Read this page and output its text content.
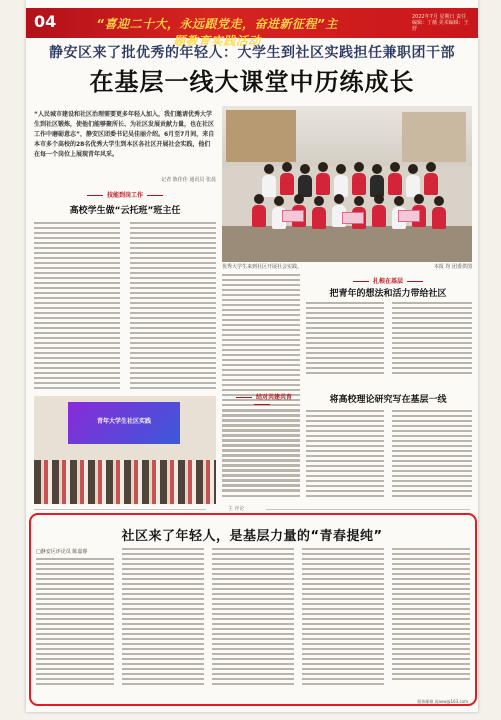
04	“喜迎二十大，永远跟党走，奋进新征程”主题教育实践活动
2022年7月 星期日 责任编辑：丁薇 美术编辑：王舒
静安区来了批优秀的年轻人：大学生到社区实践担任兼职团干部
在基层一线大课堂中历练成长
“人民城市建设和社区治理需要更多年轻人加入，我们邀请优秀大学生到社区锻炼，使他们能够聚所长、为社区发展贡献力量，也在社区工作中磨砺意志”，静安区团委书记吴佳丽介绍。6月至7月间，来自本市多个高校的28名优秀大学生到本区各社区开展社会实践，他们在每一个岗位上展现青年风采。
记者 陈佳佳 通讯员 张晨
优秀大学生来到社区开展社会实践。	本报 均 团委供图
技能到岗工作
高校学生做“云托班”班主任
青年大学生社区实践
扎根在基层
把青年的想法和活力带给社区
结对共建共育	将高校理论研究写在基层一线
主 评论
社区来了年轻人，是基层力量的“青春提纯”
□静安区评论员 陈嘉睿
服务邮箱 jrjaxw@163.com
